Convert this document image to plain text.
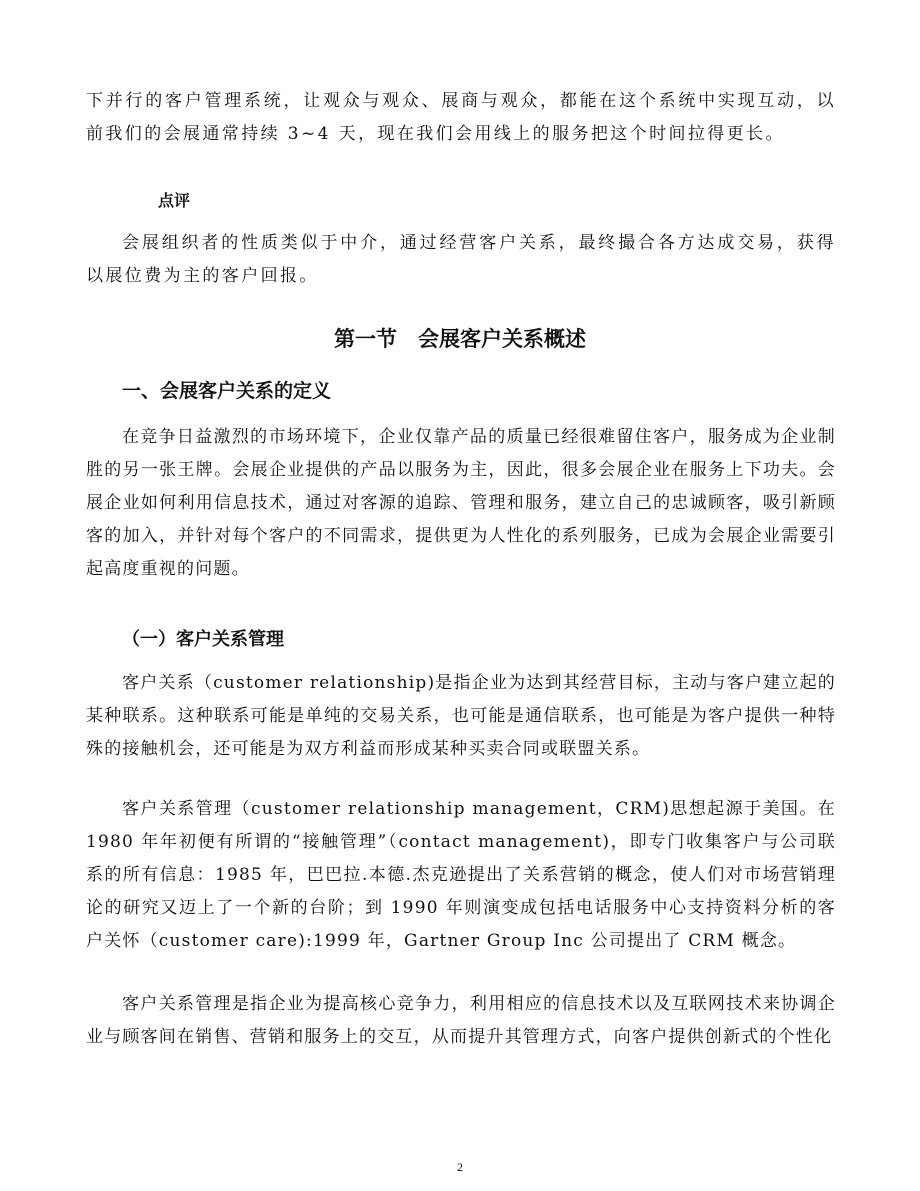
下并行的客户管理系统，让观众与观众、展商与观众，都能在这个系统中实现互动，以前我们的会展通常持续 3~4 天，现在我们会用线上的服务把这个时间拉得更长。

点评

会展组织者的性质类似于中介，通过经营客户关系，最终撮合各方达成交易，获得以展位费为主的客户回报。

第一节　会展客户关系概述

一、会展客户关系的定义

在竞争日益激烈的市场环境下，企业仅靠产品的质量已经很难留住客户，服务成为企业制胜的另一张王牌。会展企业提供的产品以服务为主，因此，很多会展企业在服务上下功夫。会展企业如何利用信息技术，通过对客源的追踪、管理和服务，建立自己的忠诚顾客，吸引新顾客的加入，并针对每个客户的不同需求，提供更为人性化的系列服务，已成为会展企业需要引起高度重视的问题。

（一）客户关系管理

客户关系（customer relationship)是指企业为达到其经营目标，主动与客户建立起的某种联系。这种联系可能是单纯的交易关系，也可能是通信联系，也可能是为客户提供一种特殊的接触机会，还可能是为双方利益而形成某种买卖合同或联盟关系。

客户关系管理（customer relationship management，CRM)思想起源于美国。在 1980 年年初便有所谓的“接触管理”（contact management)，即专门收集客户与公司联系的所有信息：1985 年，巴巴拉.本德.杰克逊提出了关系营销的概念，使人们对市场营销理论的研究又迈上了一个新的台阶；到 1990 年则演变成包括电话服务中心支持资料分析的客户关怀（customer care):1999 年，Gartner Group Inc 公司提出了 CRM 概念。

客户关系管理是指企业为提高核心竞争力，利用相应的信息技术以及互联网技术来协调企业与顾客间在销售、营销和服务上的交互，从而提升其管理方式，向客户提供创新式的个性化

2
